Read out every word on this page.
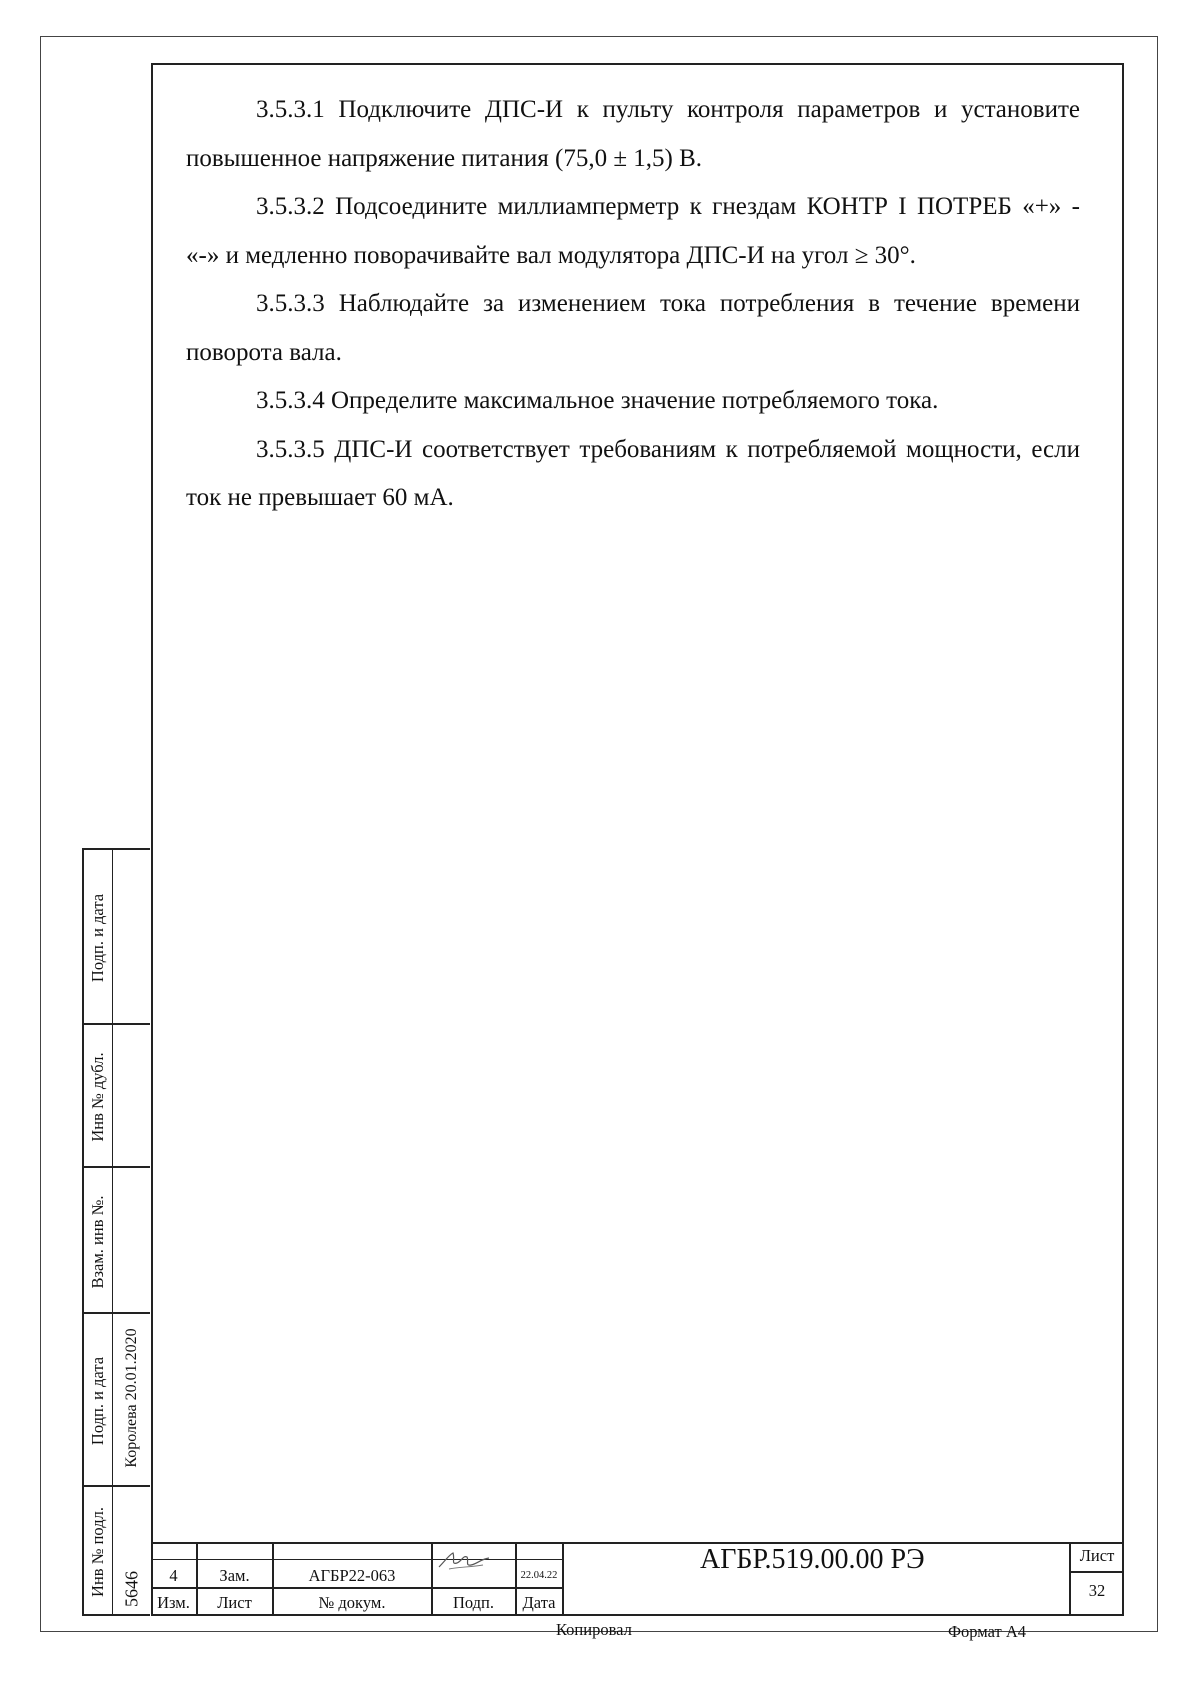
3.5.3.1 Подключите ДПС-И к пульту контроля параметров и установите повышенное напряжение питания (75,0 ± 1,5) В.

3.5.3.2 Подсоедините миллиамперметр к гнездам КОНТР I ПОТРЕБ «+» - «-» и медленно поворачивайте вал модулятора ДПС-И на угол ≥ 30°.

3.5.3.3 Наблюдайте за изменением тока потребления в течение времени поворота вала.

3.5.3.4 Определите максимальное значение потребляемого тока.

3.5.3.5 ДПС-И соответствует требованиям к потребляемой мощности, если ток не превышает 60 мА.

Подп. и дата
Инв № дубл.
Взам. инв №.
Подп. и дата Королева 20.01.2020
Инв № подл. 5646	4	Зам.	АГБР22-063	22.04.22
Изм.	Лист	№ докум.	Подп.	Дата
АГБР.519.00.00 РЭ	Лист
32
Копировал	Формат А4
